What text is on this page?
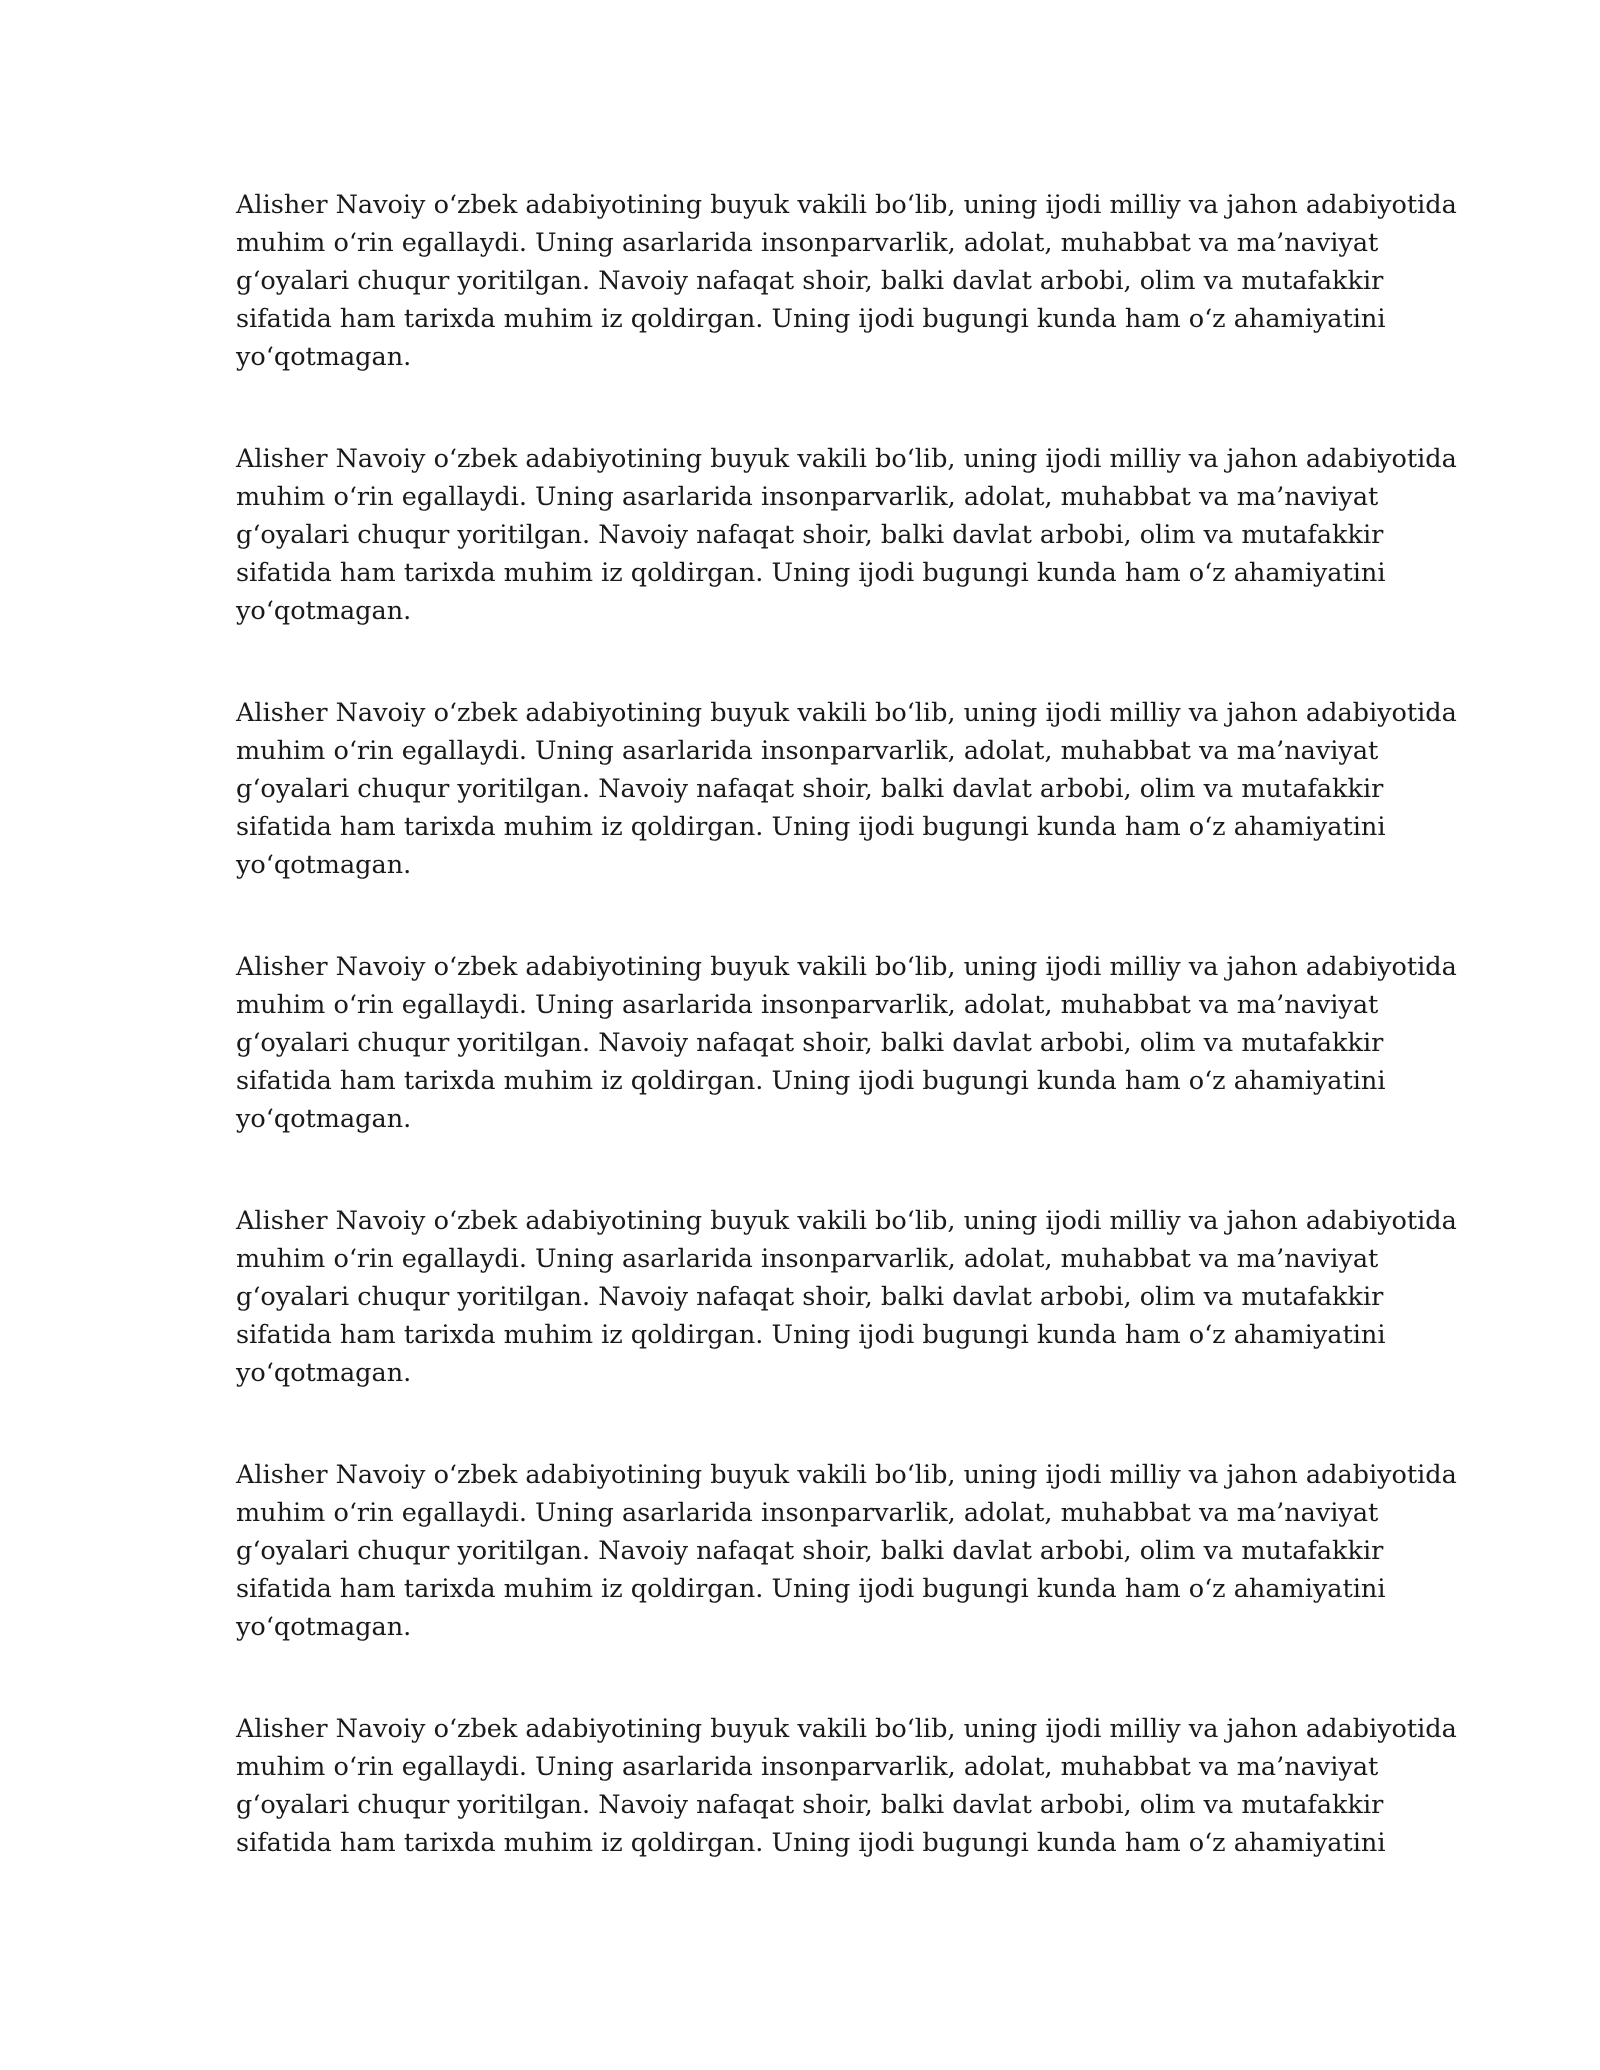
Alisher Navoiy o‘zbek adabiyotining buyuk vakili bo‘lib, uning ijodi milliy va jahon adabiyotida
muhim o‘rin egallaydi. Uning asarlarida insonparvarlik, adolat, muhabbat va ma’naviyat
g‘oyalari chuqur yoritilgan. Navoiy nafaqat shoir, balki davlat arbobi, olim va mutafakkir
sifatida ham tarixda muhim iz qoldirgan. Uning ijodi bugungi kunda ham o‘z ahamiyatini
yo‘qotmagan.

Alisher Navoiy o‘zbek adabiyotining buyuk vakili bo‘lib, uning ijodi milliy va jahon adabiyotida
muhim o‘rin egallaydi. Uning asarlarida insonparvarlik, adolat, muhabbat va ma’naviyat
g‘oyalari chuqur yoritilgan. Navoiy nafaqat shoir, balki davlat arbobi, olim va mutafakkir
sifatida ham tarixda muhim iz qoldirgan. Uning ijodi bugungi kunda ham o‘z ahamiyatini
yo‘qotmagan.

Alisher Navoiy o‘zbek adabiyotining buyuk vakili bo‘lib, uning ijodi milliy va jahon adabiyotida
muhim o‘rin egallaydi. Uning asarlarida insonparvarlik, adolat, muhabbat va ma’naviyat
g‘oyalari chuqur yoritilgan. Navoiy nafaqat shoir, balki davlat arbobi, olim va mutafakkir
sifatida ham tarixda muhim iz qoldirgan. Uning ijodi bugungi kunda ham o‘z ahamiyatini
yo‘qotmagan.

Alisher Navoiy o‘zbek adabiyotining buyuk vakili bo‘lib, uning ijodi milliy va jahon adabiyotida
muhim o‘rin egallaydi. Uning asarlarida insonparvarlik, adolat, muhabbat va ma’naviyat
g‘oyalari chuqur yoritilgan. Navoiy nafaqat shoir, balki davlat arbobi, olim va mutafakkir
sifatida ham tarixda muhim iz qoldirgan. Uning ijodi bugungi kunda ham o‘z ahamiyatini
yo‘qotmagan.

Alisher Navoiy o‘zbek adabiyotining buyuk vakili bo‘lib, uning ijodi milliy va jahon adabiyotida
muhim o‘rin egallaydi. Uning asarlarida insonparvarlik, adolat, muhabbat va ma’naviyat
g‘oyalari chuqur yoritilgan. Navoiy nafaqat shoir, balki davlat arbobi, olim va mutafakkir
sifatida ham tarixda muhim iz qoldirgan. Uning ijodi bugungi kunda ham o‘z ahamiyatini
yo‘qotmagan.

Alisher Navoiy o‘zbek adabiyotining buyuk vakili bo‘lib, uning ijodi milliy va jahon adabiyotida
muhim o‘rin egallaydi. Uning asarlarida insonparvarlik, adolat, muhabbat va ma’naviyat
g‘oyalari chuqur yoritilgan. Navoiy nafaqat shoir, balki davlat arbobi, olim va mutafakkir
sifatida ham tarixda muhim iz qoldirgan. Uning ijodi bugungi kunda ham o‘z ahamiyatini
yo‘qotmagan.

Alisher Navoiy o‘zbek adabiyotining buyuk vakili bo‘lib, uning ijodi milliy va jahon adabiyotida
muhim o‘rin egallaydi. Uning asarlarida insonparvarlik, adolat, muhabbat va ma’naviyat
g‘oyalari chuqur yoritilgan. Navoiy nafaqat shoir, balki davlat arbobi, olim va mutafakkir
sifatida ham tarixda muhim iz qoldirgan. Uning ijodi bugungi kunda ham o‘z ahamiyatini
